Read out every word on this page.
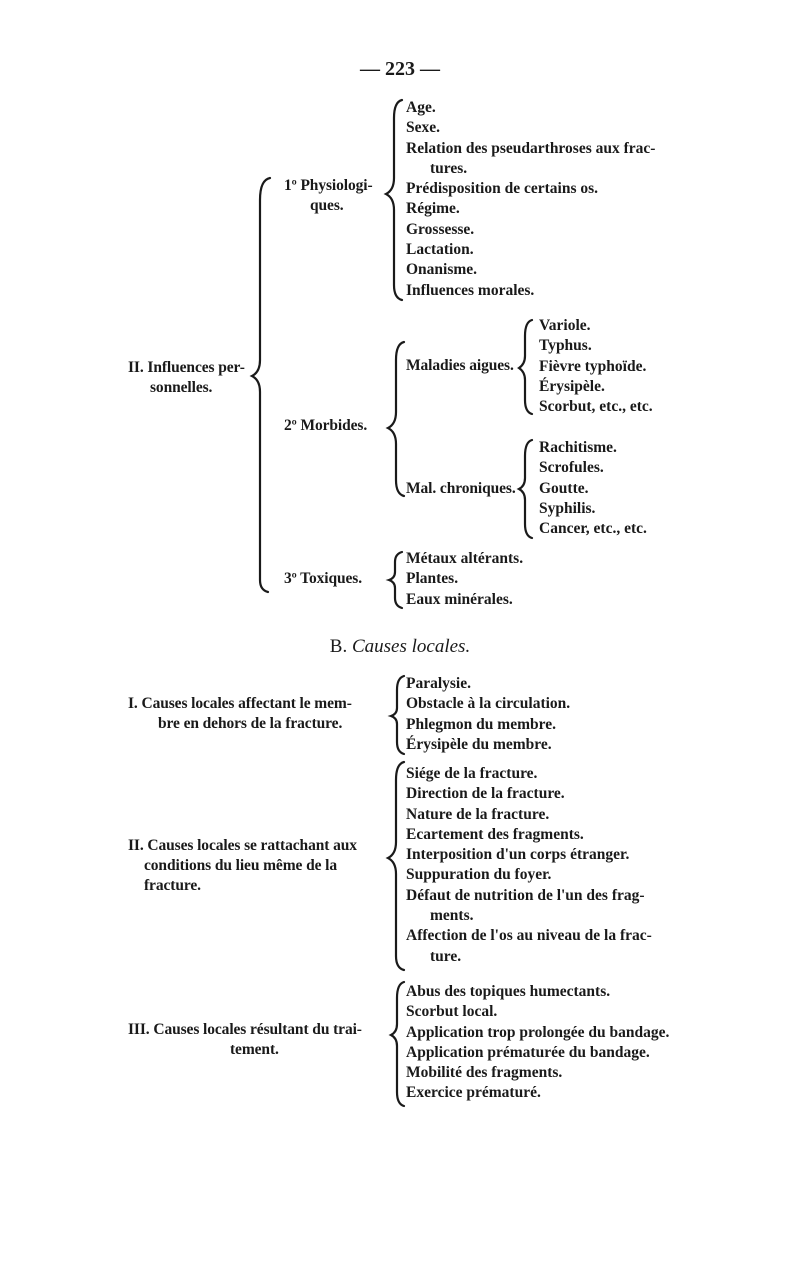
— 223 —
II. Influences per-
sonnelles.
1º Physiologi-
ques.
Age.
Sexe.
Relation des pseudarthroses aux frac-
tures.
Prédisposition de certains os.
Régime.
Grossesse.
Lactation.
Onanisme.
Influences morales.
2º Morbides.
Maladies aigues.
Variole.
Typhus.
Fièvre typhoïde.
Érysipèle.
Scorbut, etc., etc.
Mal. chroniques.
Rachitisme.
Scrofules.
Goutte.
Syphilis.
Cancer, etc., etc.
3º Toxiques.
Métaux altérants.
Plantes.
Eaux minérales.
B. Causes locales.
I. Causes locales affectant le mem-
bre en dehors de la fracture.
Paralysie.
Obstacle à la circulation.
Phlegmon du membre.
Érysipèle du membre.
II. Causes locales se rattachant aux
conditions du lieu même de la
fracture.
Siége de la fracture.
Direction de la fracture.
Nature de la fracture.
Ecartement des fragments.
Interposition d'un corps étranger.
Suppuration du foyer.
Défaut de nutrition de l'un des frag-
ments.
Affection de l'os au niveau de la frac-
ture.
III. Causes locales résultant du trai-
tement.
Abus des topiques humectants.
Scorbut local.
Application trop prolongée du bandage.
Application prématurée du bandage.
Mobilité des fragments.
Exercice prématuré.
